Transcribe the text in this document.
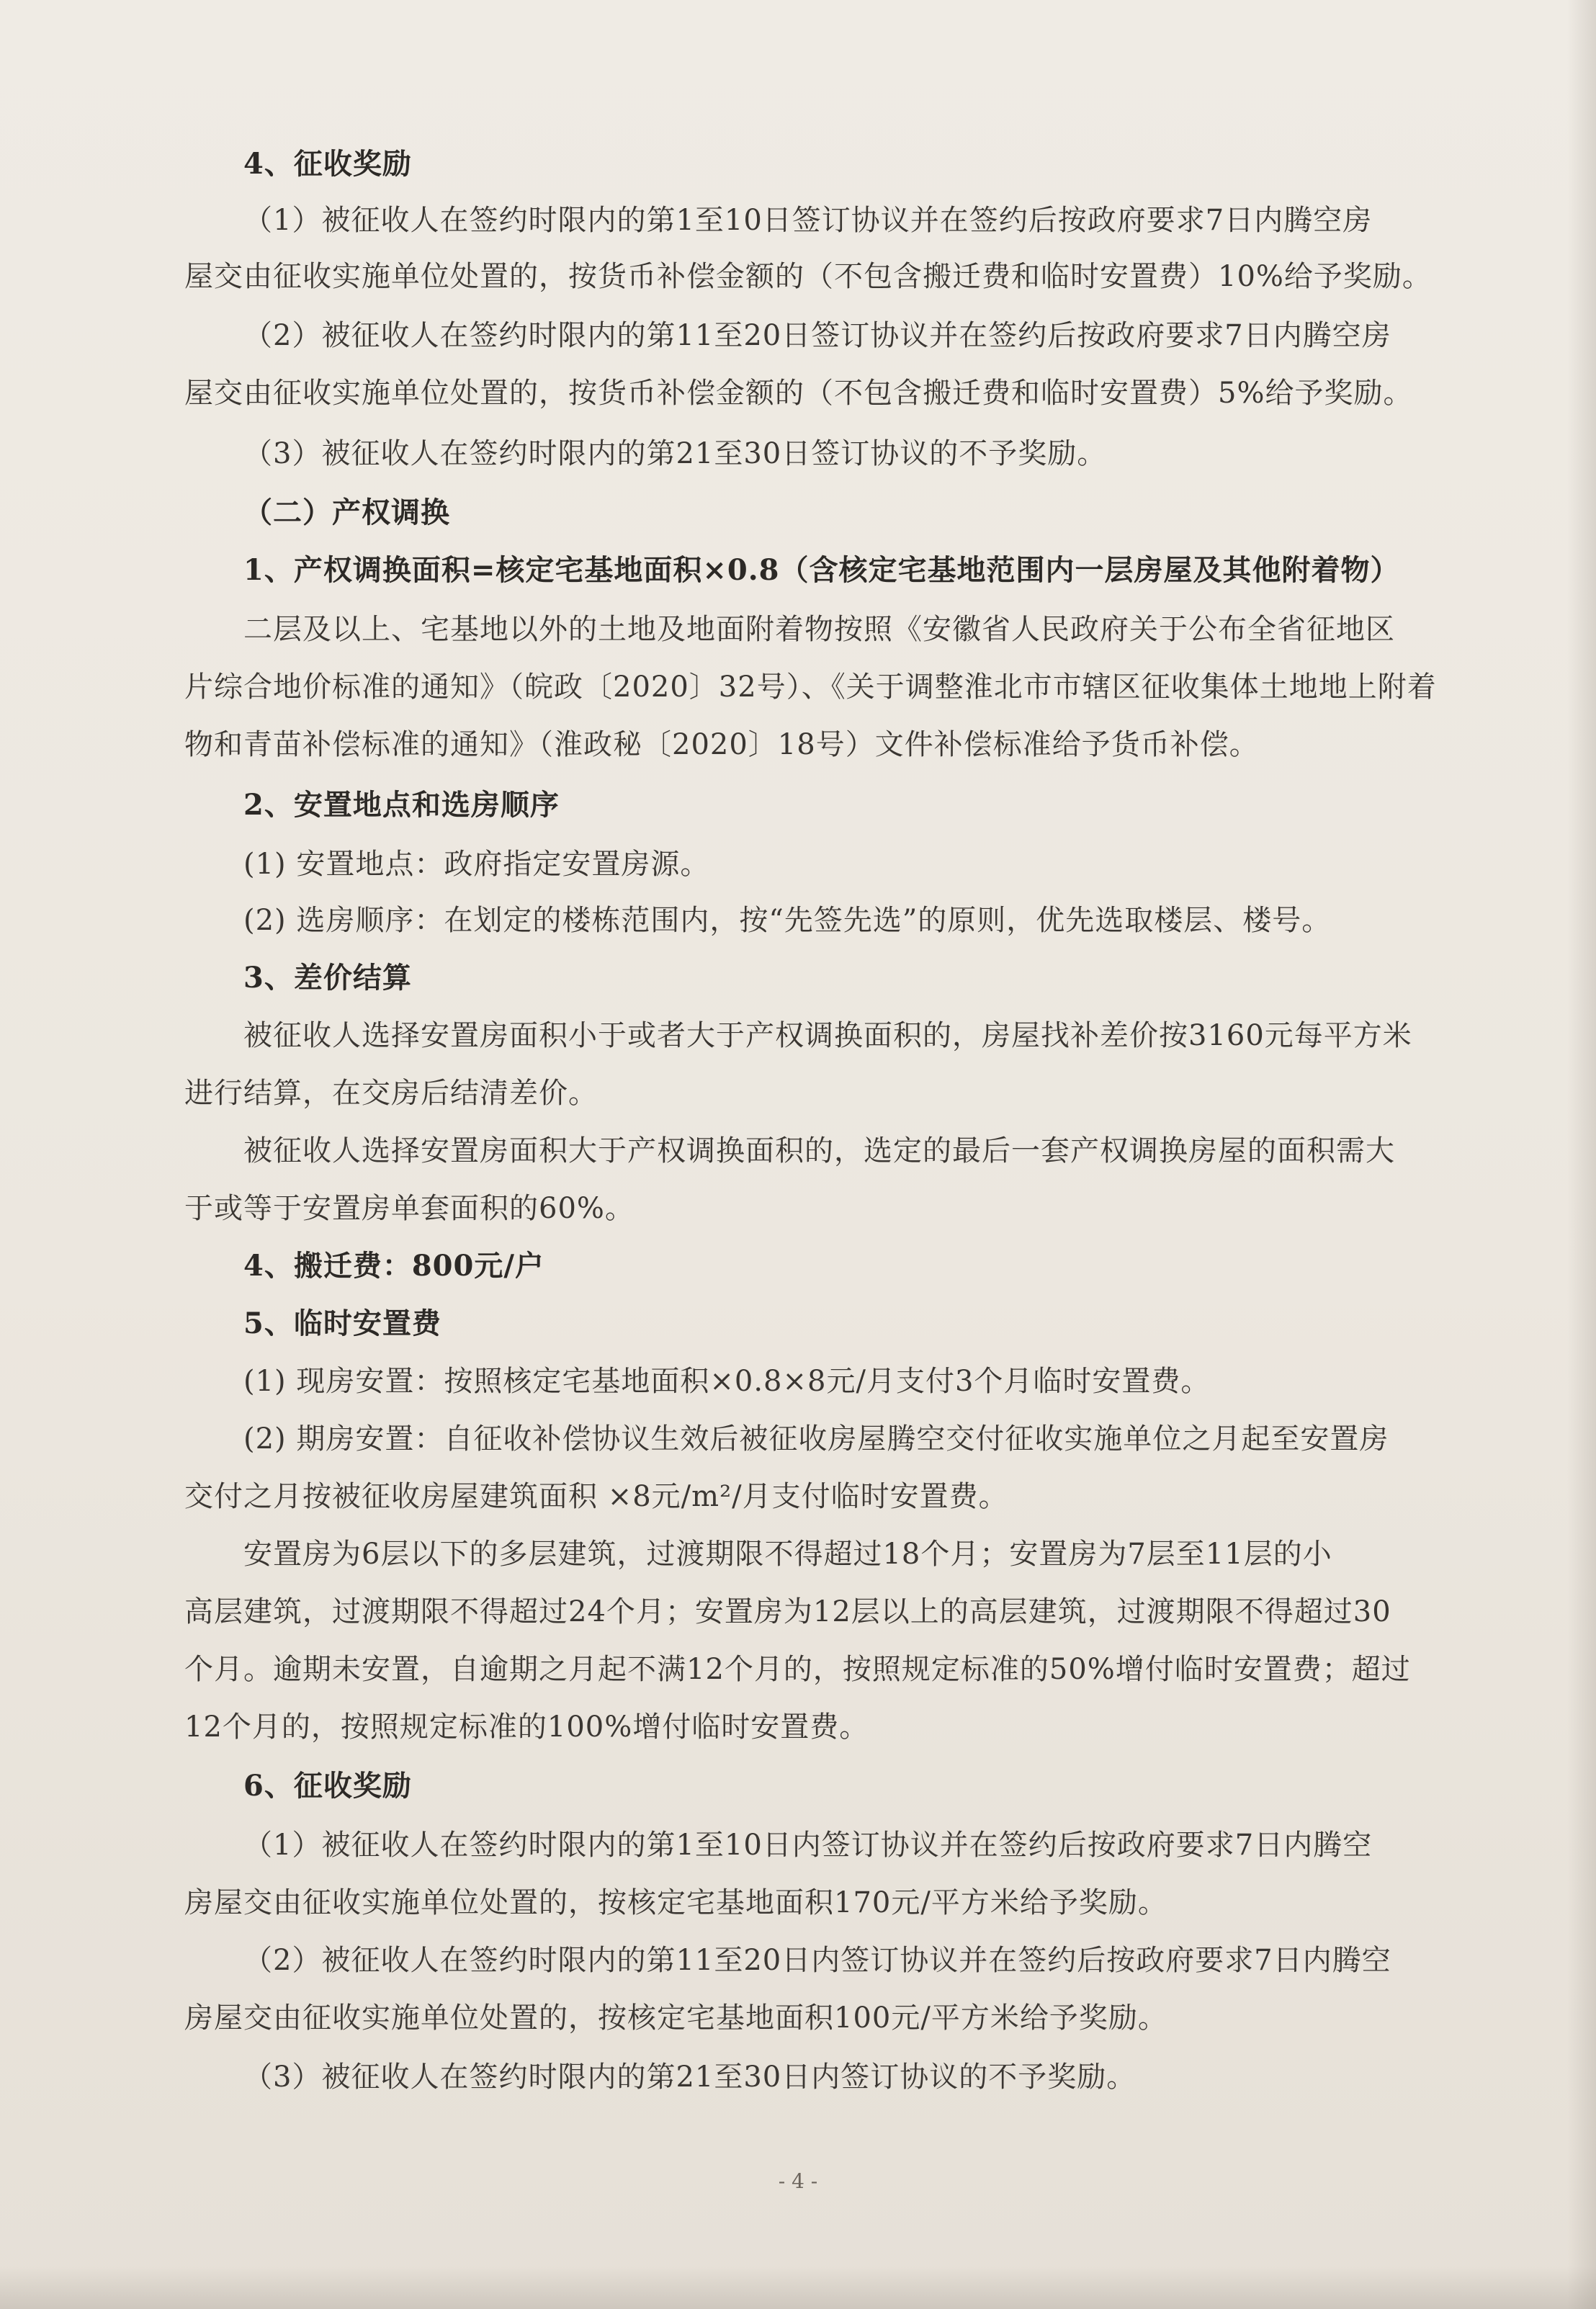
4、征收奖励
（1）被征收人在签约时限内的第1至10日签订协议并在签约后按政府要求7日内腾空房
屋交由征收实施单位处置的，按货币补偿金额的（不包含搬迁费和临时安置费）10%给予奖励。
（2）被征收人在签约时限内的第11至20日签订协议并在签约后按政府要求7日内腾空房
屋交由征收实施单位处置的，按货币补偿金额的（不包含搬迁费和临时安置费）5%给予奖励。
（3）被征收人在签约时限内的第21至30日签订协议的不予奖励。
（二）产权调换
1、产权调换面积=核定宅基地面积×0.8（含核定宅基地范围内一层房屋及其他附着物）
二层及以上、宅基地以外的土地及地面附着物按照《安徽省人民政府关于公布全省征地区
片综合地价标准的通知》（皖政〔2020〕32号）、《关于调整淮北市市辖区征收集体土地地上附着
物和青苗补偿标准的通知》（淮政秘〔2020〕18号）文件补偿标准给予货币补偿。
2、安置地点和选房顺序
(1) 安置地点：政府指定安置房源。
(2) 选房顺序：在划定的楼栋范围内，按“先签先选”的原则，优先选取楼层、楼号。
3、差价结算
被征收人选择安置房面积小于或者大于产权调换面积的，房屋找补差价按3160元每平方米
进行结算，在交房后结清差价。
被征收人选择安置房面积大于产权调换面积的，选定的最后一套产权调换房屋的面积需大
于或等于安置房单套面积的60%。
4、搬迁费：800元/户
5、临时安置费
(1) 现房安置：按照核定宅基地面积×0.8×8元/月支付3个月临时安置费。
(2) 期房安置：自征收补偿协议生效后被征收房屋腾空交付征收实施单位之月起至安置房
交付之月按被征收房屋建筑面积 ×8元/m²/月支付临时安置费。
安置房为6层以下的多层建筑，过渡期限不得超过18个月；安置房为7层至11层的小
高层建筑，过渡期限不得超过24个月；安置房为12层以上的高层建筑，过渡期限不得超过30
个月。逾期未安置，自逾期之月起不满12个月的，按照规定标准的50%增付临时安置费；超过
12个月的，按照规定标准的100%增付临时安置费。
6、征收奖励
（1）被征收人在签约时限内的第1至10日内签订协议并在签约后按政府要求7日内腾空
房屋交由征收实施单位处置的，按核定宅基地面积170元/平方米给予奖励。
（2）被征收人在签约时限内的第11至20日内签订协议并在签约后按政府要求7日内腾空
房屋交由征收实施单位处置的，按核定宅基地面积100元/平方米给予奖励。
（3）被征收人在签约时限内的第21至30日内签订协议的不予奖励。
- 4 -
